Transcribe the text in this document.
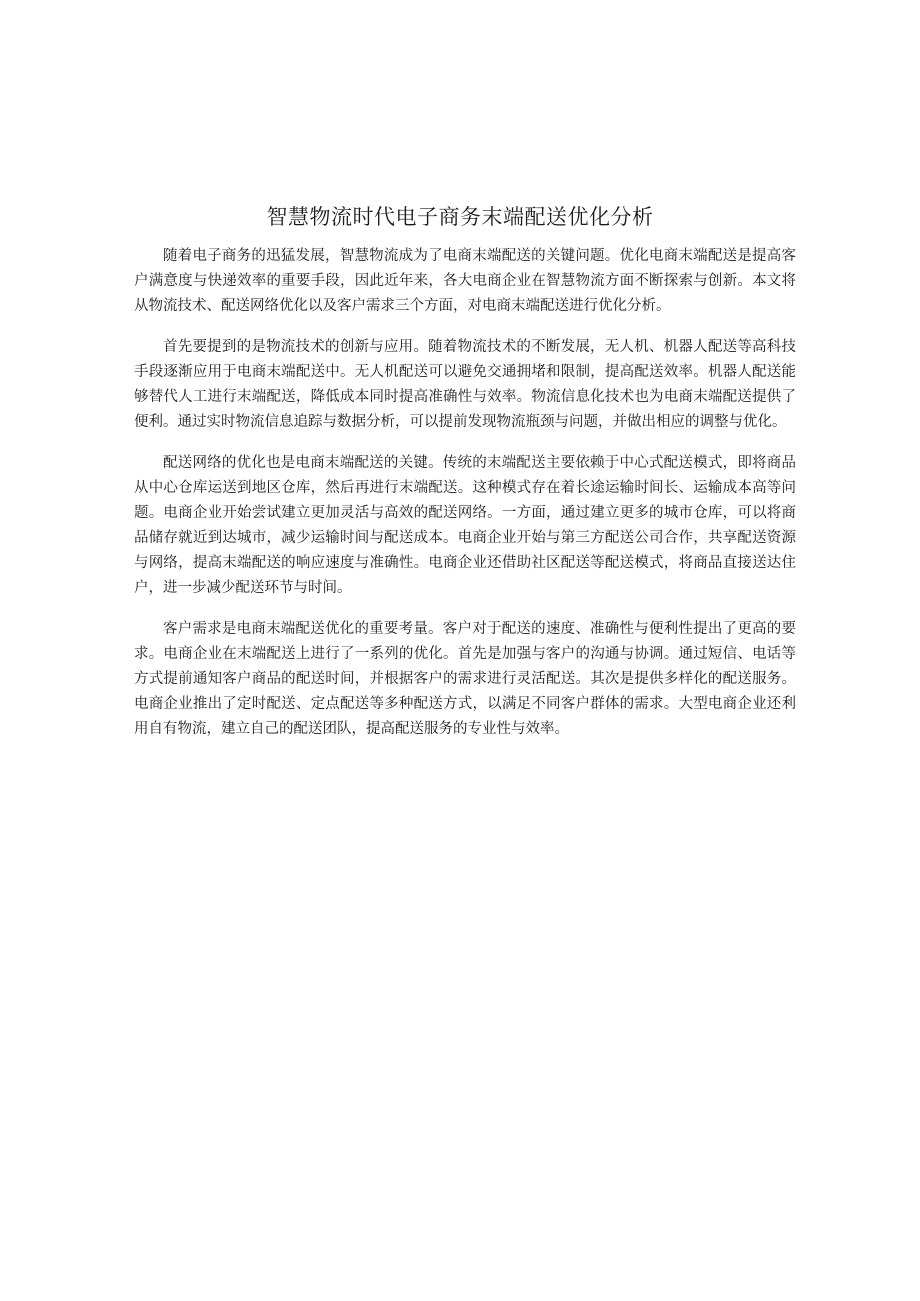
智慧物流时代电子商务末端配送优化分析

随着电子商务的迅猛发展，智慧物流成为了电商末端配送的关键问题。优化电商末端配送是提高客户满意度与快递效率的重要手段，因此近年来，各大电商企业在智慧物流方面不断探索与创新。本文将从物流技术、配送网络优化以及客户需求三个方面，对电商末端配送进行优化分析。

首先要提到的是物流技术的创新与应用。随着物流技术的不断发展，无人机、机器人配送等高科技手段逐渐应用于电商末端配送中。无人机配送可以避免交通拥堵和限制，提高配送效率。机器人配送能够替代人工进行末端配送，降低成本同时提高准确性与效率。物流信息化技术也为电商末端配送提供了便利。通过实时物流信息追踪与数据分析，可以提前发现物流瓶颈与问题，并做出相应的调整与优化。

配送网络的优化也是电商末端配送的关键。传统的末端配送主要依赖于中心式配送模式，即将商品从中心仓库运送到地区仓库，然后再进行末端配送。这种模式存在着长途运输时间长、运输成本高等问题。电商企业开始尝试建立更加灵活与高效的配送网络。一方面，通过建立更多的城市仓库，可以将商品储存就近到达城市，减少运输时间与配送成本。电商企业开始与第三方配送公司合作，共享配送资源与网络，提高末端配送的响应速度与准确性。电商企业还借助社区配送等配送模式，将商品直接送达住户，进一步减少配送环节与时间。

客户需求是电商末端配送优化的重要考量。客户对于配送的速度、准确性与便利性提出了更高的要求。电商企业在末端配送上进行了一系列的优化。首先是加强与客户的沟通与协调。通过短信、电话等方式提前通知客户商品的配送时间，并根据客户的需求进行灵活配送。其次是提供多样化的配送服务。电商企业推出了定时配送、定点配送等多种配送方式，以满足不同客户群体的需求。大型电商企业还利用自有物流，建立自己的配送团队，提高配送服务的专业性与效率。
